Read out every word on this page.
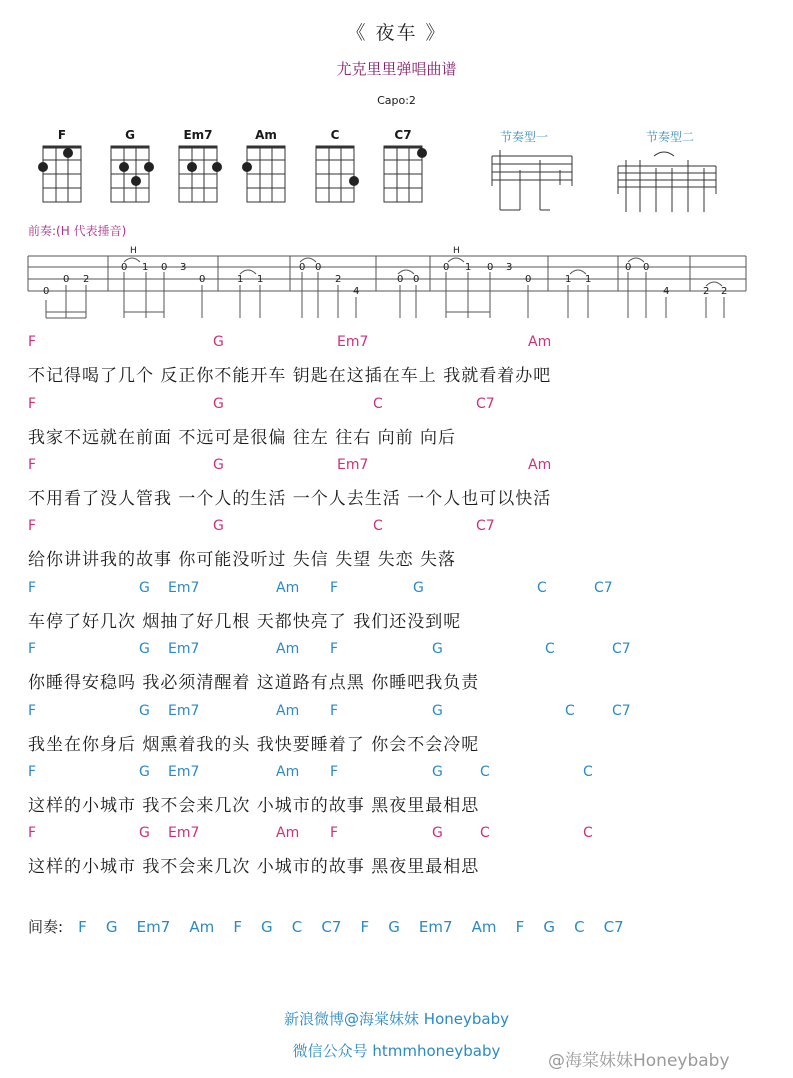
《 夜车 》
尤克里里弹唱曲谱
Capo:2
F	G	Em7	Am	C	C7	节奏型一	节奏型二
前奏:(H 代表捶音)
0
0 2
0 1 0 3
0	1 1
0 0
2
4
0 0
0 1 0 3
0	1 1
0 0
4	2 2
H	H
F	G	Em7	Am
不记得喝了几个 反正你不能开车 钥匙在这插在车上 我就看着办吧
F	G	C	C7
我家不远就在前面 不远可是很偏 往左 往右 向前 向后
F	G	Em7	Am
不用看了没人管我 一个人的生活 一个人去生活 一个人也可以快活
F	G	C	C7
给你讲讲我的故事 你可能没听过 失信 失望 失恋 失落
F	G Em7	Am F	G	C	C7
车停了好几次 烟抽了好几根 天都快亮了 我们还没到呢
F	G Em7	Am F	G	C	C7
你睡得安稳吗 我必须清醒着 这道路有点黑 你睡吧我负责
F	G Em7	Am F	G	C	C7
我坐在你身后 烟熏着我的头 我快要睡着了 你会不会冷呢
F	G Em7	Am F	G	C	C
这样的小城市 我不会来几次 小城市的故事 黑夜里最相思
F	G Em7	Am F	G	C	C
这样的小城市 我不会来几次 小城市的故事 黑夜里最相思
间奏: F G Em7 Am F G C C7 F G Em7 Am F G C C7
新浪微博@海棠妹妹 Honeybaby
微信公众号 htmmhoneybaby	@海棠妹妹Honeybaby
